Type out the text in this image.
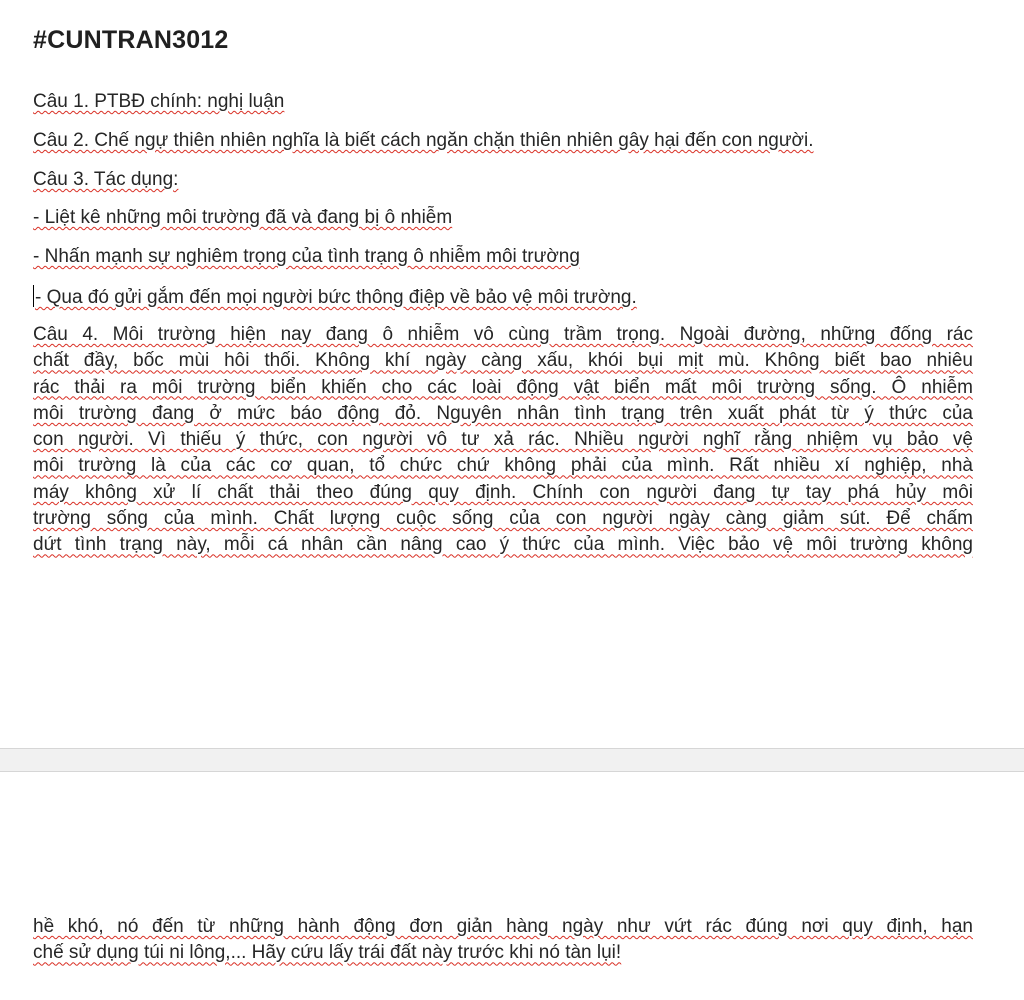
#CUNTRAN3012
Câu 1. PTBĐ chính: nghị luận
Câu 2. Chế ngự thiên nhiên nghĩa là biết cách ngăn chặn thiên nhiên gây hại đến con người.
Câu 3. Tác dụng:
- Liệt kê những môi trường đã và đang bị ô nhiễm
- Nhấn mạnh sự nghiêm trọng của tình trạng ô nhiễm môi trường
- Qua đó gửi gắm đến mọi người bức thông điệp về bảo vệ môi trường.
Câu 4. Môi trường hiện nay đang ô nhiễm vô cùng trầm trọng. Ngoài đường, những đống rác
chất đầy, bốc mùi hôi thối. Không khí ngày càng xấu, khói bụi mịt mù. Không biết bao nhiêu
rác thải ra môi trường biển khiến cho các loài động vật biển mất môi trường sống. Ô nhiễm
môi trường đang ở mức báo động đỏ. Nguyên nhân tình trạng trên xuất phát từ ý thức của
con người. Vì thiếu ý thức, con người vô tư xả rác. Nhiều người nghĩ rằng nhiệm vụ bảo vệ
môi trường là của các cơ quan, tổ chức chứ không phải của mình. Rất nhiều xí nghiệp, nhà
máy không xử lí chất thải theo đúng quy định. Chính con người đang tự tay phá hủy môi
trường sống của mình. Chất lượng cuộc sống của con người ngày càng giảm sút. Để chấm
dứt tình trạng này, mỗi cá nhân cần nâng cao ý thức của mình. Việc bảo vệ môi trường không
hề khó, nó đến từ những hành động đơn giản hàng ngày như vứt rác đúng nơi quy định, hạn
chế sử dụng túi ni lông,... Hãy cứu lấy trái đất này trước khi nó tàn lụi!
